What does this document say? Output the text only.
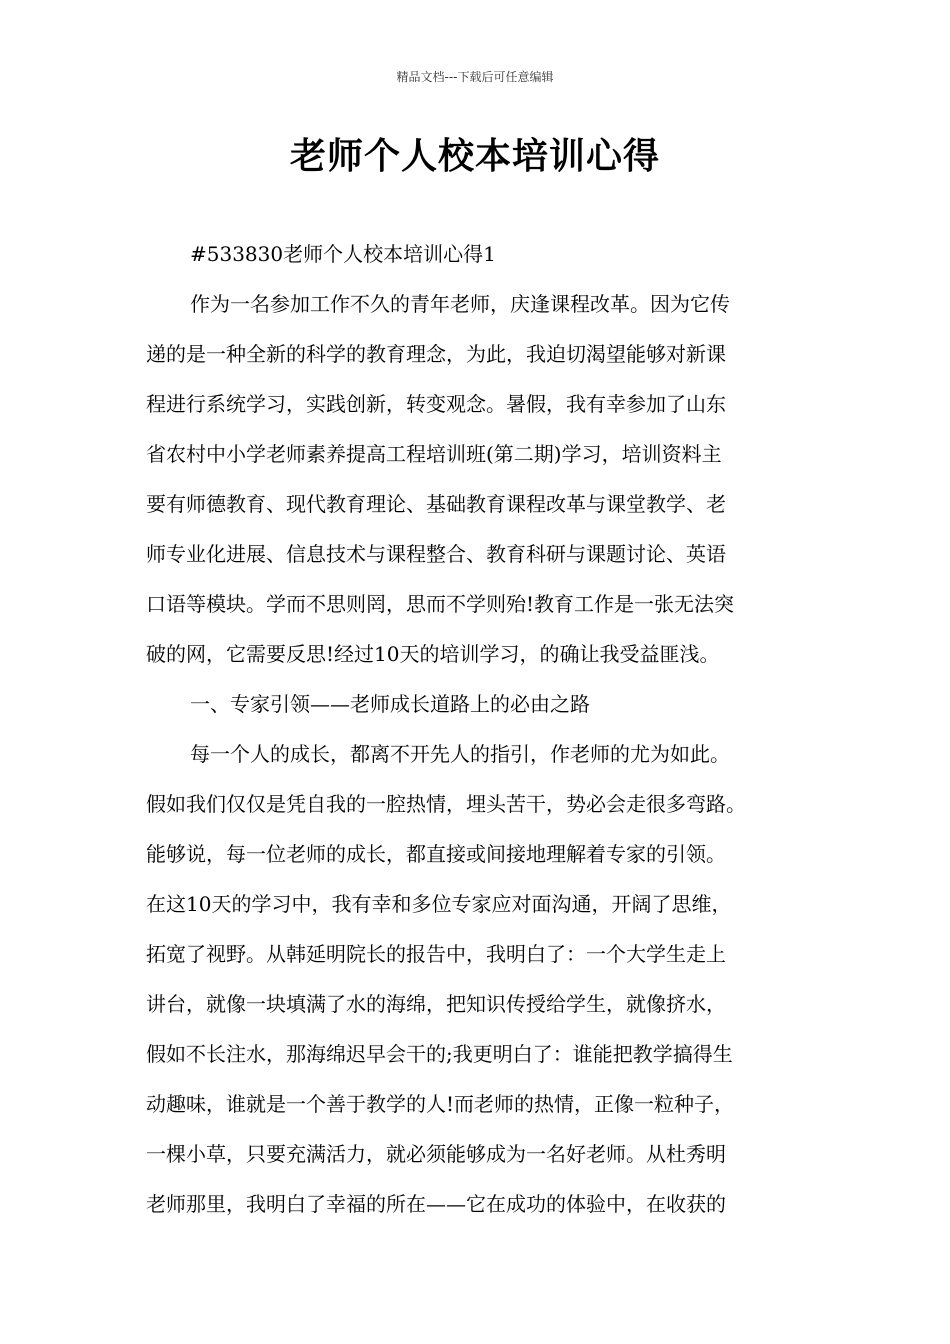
精品文档---下载后可任意编辑
老师个人校本培训心得
#533830老师个人校本培训心得1
作为一名参加工作不久的青年老师，庆逢课程改革。因为它传
递的是一种全新的科学的教育理念，为此，我迫切渴望能够对新课
程进行系统学习，实践创新，转变观念。暑假，我有幸参加了山东
省农村中小学老师素养提高工程培训班(第二期)学习，培训资料主
要有师德教育、现代教育理论、基础教育课程改革与课堂教学、老
师专业化进展、信息技术与课程整合、教育科研与课题讨论、英语
口语等模块。学而不思则罔，思而不学则殆!教育工作是一张无法突
破的网，它需要反思!经过10天的培训学习，的确让我受益匪浅。
一、专家引领——老师成长道路上的必由之路
每一个人的成长，都离不开先人的指引，作老师的尤为如此。
假如我们仅仅是凭自我的一腔热情，埋头苦干，势必会走很多弯路。
能够说，每一位老师的成长，都直接或间接地理解着专家的引领。
在这10天的学习中，我有幸和多位专家应对面沟通，开阔了思维，
拓宽了视野。从韩延明院长的报告中，我明白了：一个大学生走上
讲台，就像一块填满了水的海绵，把知识传授给学生，就像挤水，
假如不长注水，那海绵迟早会干的;我更明白了：谁能把教学搞得生
动趣味，谁就是一个善于教学的人!而老师的热情，正像一粒种子，
一棵小草，只要充满活力，就必须能够成为一名好老师。从杜秀明
老师那里，我明白了幸福的所在——它在成功的体验中，在收获的
